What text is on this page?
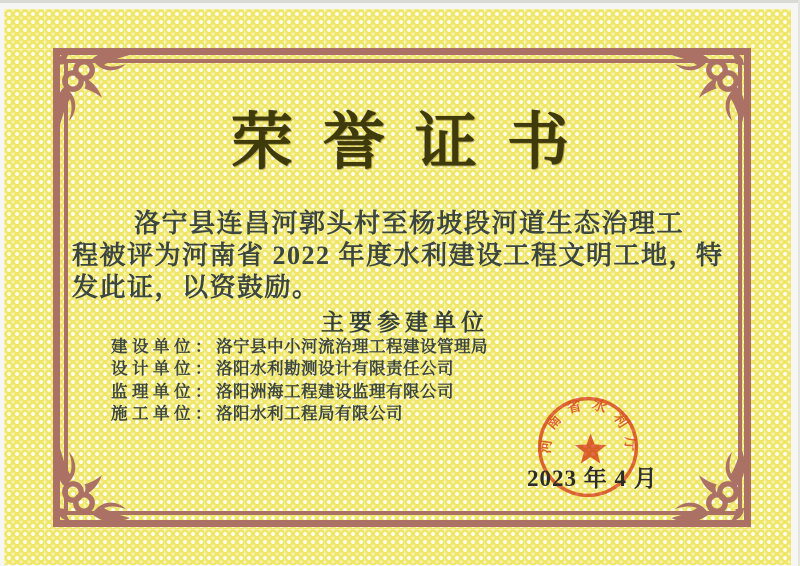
荣誉证书
洛宁县连昌河郭头村至杨坡段河道生态治理工
程被评为河南省 2022 年度水利建设工程文明工地，特
发此证，以资鼓励。
主要参建单位
建设单位：洛宁县中小河流治理工程建设管理局
设计单位：洛阳水利勘测设计有限责任公司
监理单位：洛阳洲海工程建设监理有限公司
施工单位：洛阳水利工程局有限公司
河南省水利厅
2023 年 4 月
